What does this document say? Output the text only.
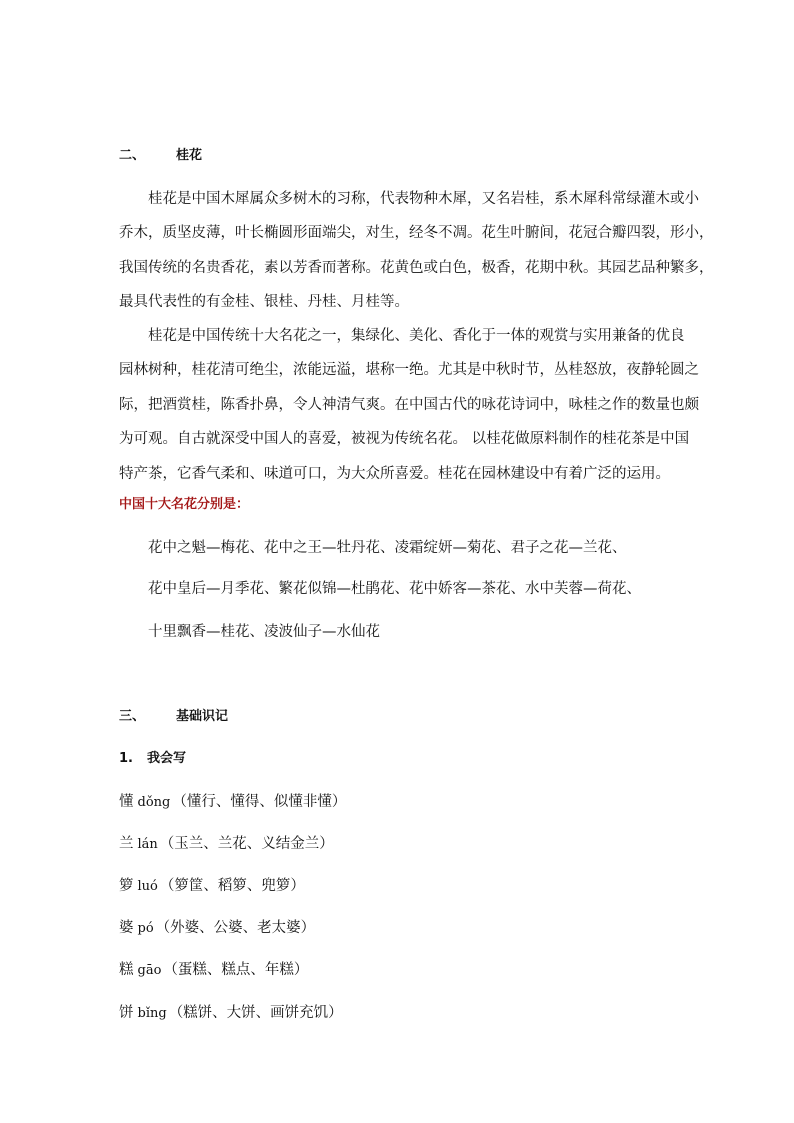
二、 桂花
桂花是中国木犀属众多树木的习称，代表物种木犀，又名岩桂，系木犀科常绿灌木或小
乔木，质坚皮薄，叶长椭圆形面端尖，对生，经冬不凋。花生叶腑间，花冠合瓣四裂，形小，
我国传统的名贵香花，素以芳香而著称。花黄色或白色，极香，花期中秋。其园艺品种繁多，
最具代表性的有金桂、银桂、丹桂、月桂等。
桂花是中国传统十大名花之一，集绿化、美化、香化于一体的观赏与实用兼备的优良
园林树种，桂花清可绝尘，浓能远溢，堪称一绝。尤其是中秋时节，丛桂怒放，夜静轮圆之
际，把酒赏桂，陈香扑鼻，令人神清气爽。在中国古代的咏花诗词中，咏桂之作的数量也颇
为可观。自古就深受中国人的喜爱，被视为传统名花。 以桂花做原料制作的桂花茶是中国
特产茶，它香气柔和、味道可口，为大众所喜爱。桂花在园林建设中有着广泛的运用。
中国十大名花分别是：
花中之魁—梅花、花中之王—牡丹花、凌霜绽妍—菊花、君子之花—兰花、
花中皇后—月季花、繁花似锦—杜鹃花、花中娇客—茶花、水中芙蓉—荷花、
十里飘香—桂花、凌波仙子—水仙花
三、 基础识记
1. 我会写
懂 dǒng （懂行、懂得、似懂非懂）
兰 lán （玉兰、兰花、义结金兰）
箩 luó （箩筐、稻箩、兜箩）
婆 pó （外婆、公婆、老太婆）
糕 gāo （蛋糕、糕点、年糕）
饼 bǐng （糕饼、大饼、画饼充饥）
